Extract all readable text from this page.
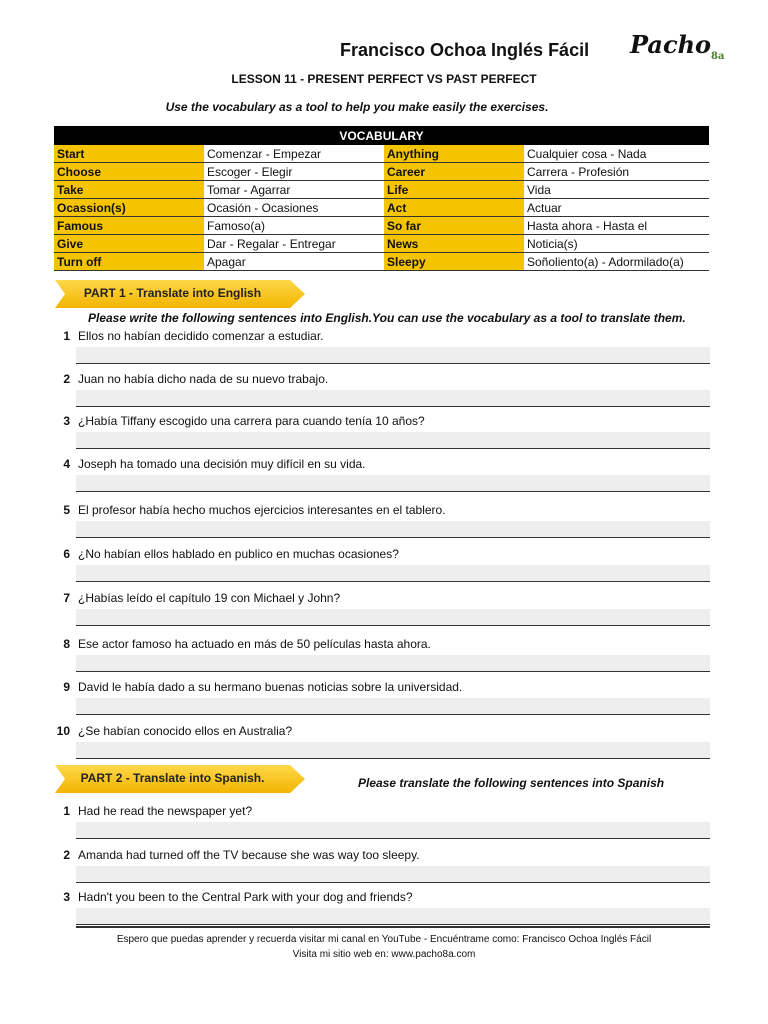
Francisco Ochoa Inglés Fácil Pacho$_{8a}$
LESSON 11 - PRESENT PERFECT VS PAST PERFECT
Use the vocabulary as a tool to help you make easily the exercises.
VOCABULARY			
Start	Comenzar - Empezar	Anything	Cualquier cosa - Nada
Choose	Escoger - Elegir	Career	Carrera - Profesión
Take	Tomar - Agarrar	Life	Vida
Ocassion(s)	Ocasión - Ocasiones	Act	Actuar
Famous	Famoso(a)	So far	Hasta ahora - Hasta el
Give	Dar - Regalar - Entregar	News	Noticia(s)
Turn off	Apagar	Sleepy	Soñoliento(a) - Adormilado(a)
PART 1 - Translate into English
Please write the following sentences into English.You can use the vocabulary as a tool to translate them.
1 Ellos no habían decidido comenzar a estudiar.
2 Juan no había dicho nada de su nuevo trabajo.
3 ¿Había Tiffany escogido una carrera para cuando tenía 10 años?
4 Joseph ha tomado una decisión muy difícil en su vida.
5 El profesor había hecho muchos ejercicios interesantes en el tablero.
6 ¿No habían ellos hablado en publico en muchas ocasiones?
7 ¿Habías leído el capítulo 19 con Michael y John?
8 Ese actor famoso ha actuado en más de 50 películas hasta ahora.
9 David le había dado a su hermano buenas noticias sobre la universidad.
10 ¿Se habían conocido ellos en Australia?
PART 2 - Translate into Spanish.	Please translate the following sentences into Spanish
1 Had he read the newspaper yet?
2 Amanda had turned off the TV because she was way too sleepy.
3 Hadn't you been to the Central Park with your dog and friends?
Espero que puedas aprender y recuerda visitar mi canal en YouTube - Encuéntrame como: Francisco Ochoa Inglés Fácil
Visita mi sitio web en: www.pacho8a.com
